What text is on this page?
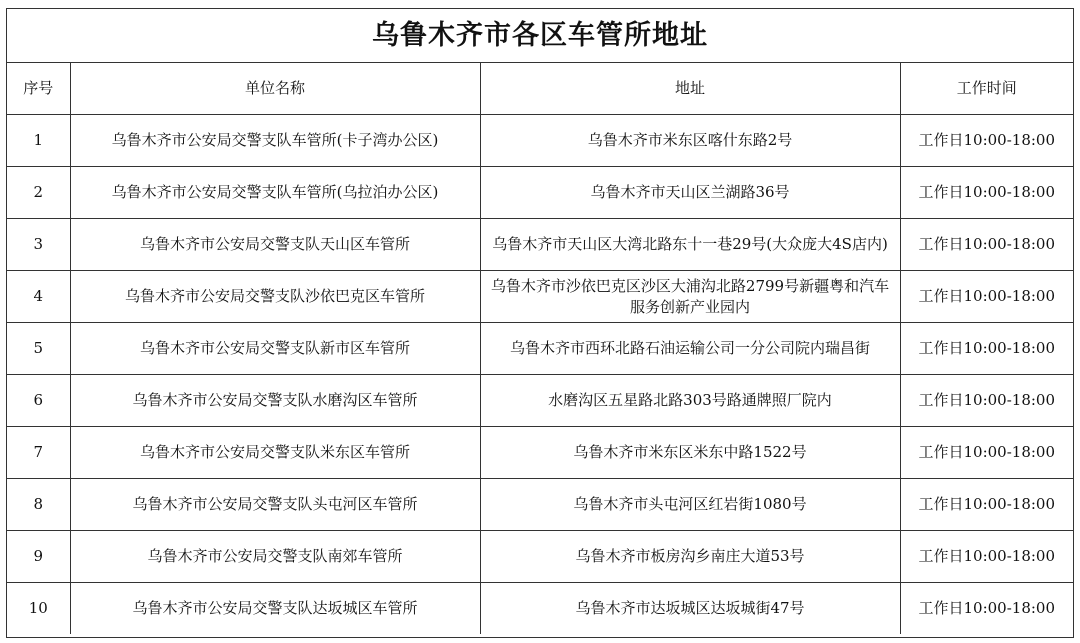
乌鲁木齐市各区车管所地址
序号	单位名称	地址	工作时间
1	乌鲁木齐市公安局交警支队车管所(卡子湾办公区)	乌鲁木齐市米东区喀什东路2号	工作日10:00-18:00
2	乌鲁木齐市公安局交警支队车管所(乌拉泊办公区)	乌鲁木齐市天山区兰湖路36号	工作日10:00-18:00
3	乌鲁木齐市公安局交警支队天山区车管所	乌鲁木齐市天山区大湾北路东十一巷29号(大众庞大4S店内)	工作日10:00-18:00
4	乌鲁木齐市公安局交警支队沙依巴克区车管所	乌鲁木齐市沙依巴克区沙区大浦沟北路2799号新疆粤和汽车服务创新产业园内	工作日10:00-18:00
5	乌鲁木齐市公安局交警支队新市区车管所	乌鲁木齐市西环北路石油运输公司一分公司院内瑞昌街	工作日10:00-18:00
6	乌鲁木齐市公安局交警支队水磨沟区车管所	水磨沟区五星路北路303号路通牌照厂院内	工作日10:00-18:00
7	乌鲁木齐市公安局交警支队米东区车管所	乌鲁木齐市米东区米东中路1522号	工作日10:00-18:00
8	乌鲁木齐市公安局交警支队头屯河区车管所	乌鲁木齐市头屯河区红岩街1080号	工作日10:00-18:00
9	乌鲁木齐市公安局交警支队南郊车管所	乌鲁木齐市板房沟乡南庄大道53号	工作日10:00-18:00
10	乌鲁木齐市公安局交警支队达坂城区车管所	乌鲁木齐市达坂城区达坂城街47号	工作日10:00-18:00
